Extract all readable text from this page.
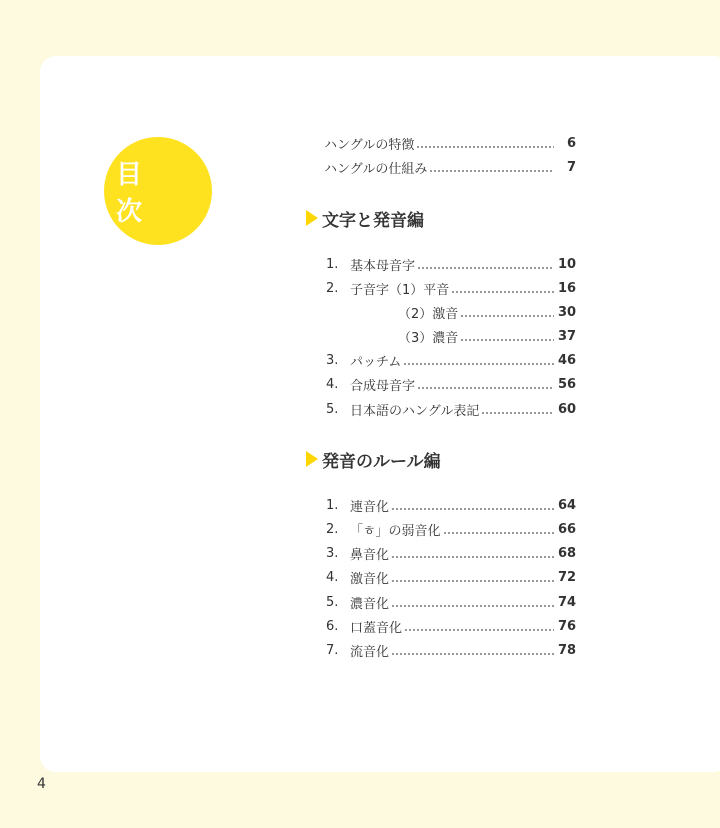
目 次
ハングルの特徴	6
ハングルの仕組み	7
文字と発音編
1. 基本母音字	10
2. 子音字（1）平音	16
（2）激音	30
（3）濃音	37
3. パッチム	46
4. 合成母音字	56
5. 日本語のハングル表記	60
発音のルール編
1. 連音化	64
2. 「ㅎ」の弱音化	66
3. 鼻音化	68
4. 激音化	72
5. 濃音化	74
6. 口蓋音化	76
7. 流音化	78
4
